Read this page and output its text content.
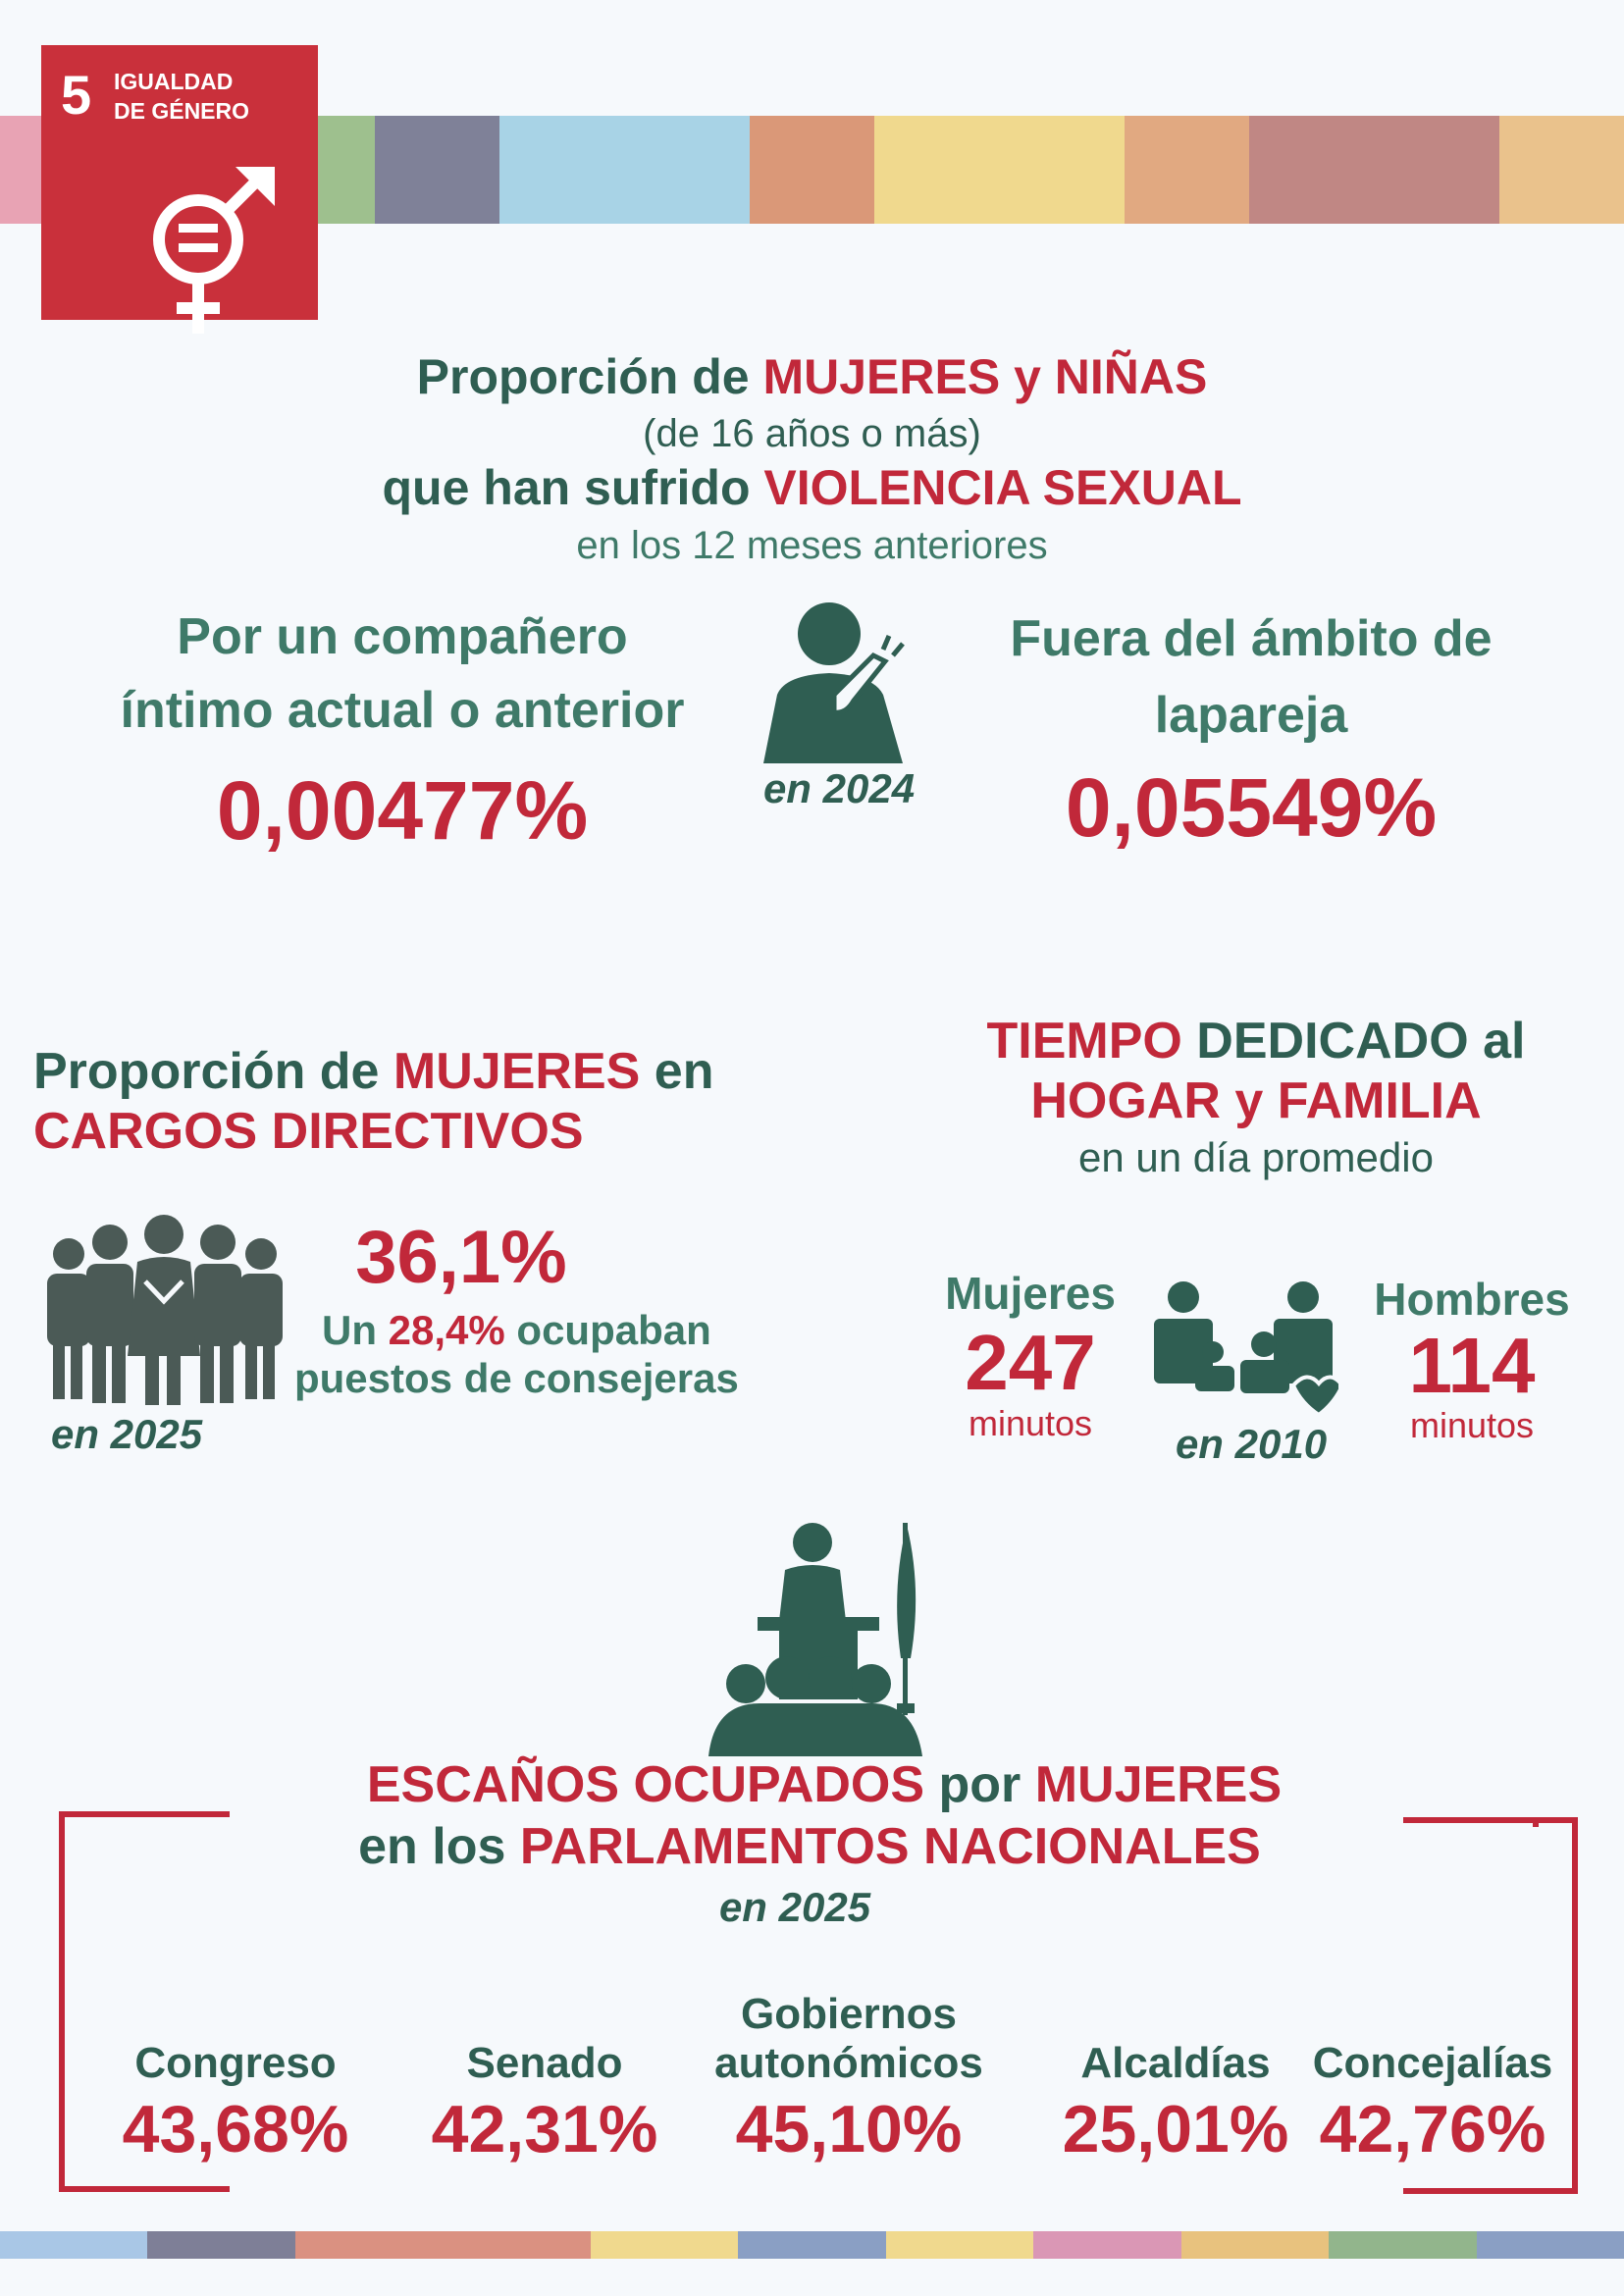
5 IGUALDAD
DE GÉNERO
Proporción de MUJERES y NIÑAS
(de 16 años o más)
que han sufrido VIOLENCIA SEXUAL
en los 12 meses anteriores
Por un compañero
íntimo actual o anterior
0,00477%	en 2024
Fuera del ámbito de
lapareja
0,05549%
Proporción de MUJERES en
CARGOS DIRECTIVOS
en 2025
36,1%
Un 28,4% ocupaban
puestos de consejeras
TIEMPO DEDICADO al
HOGAR y FAMILIA
en un día promedio
Mujeres
247
minutos	en 2010
Hombres
114
minutos
ESCAÑOS OCUPADOS por MUJERES
en los PARLAMENTOS NACIONALES
en 2025
Congreso
43,68%
Senado
42,31%
Gobiernos
autonómicos
45,10%
Alcaldías
25,01%
Concejalías
42,76%
